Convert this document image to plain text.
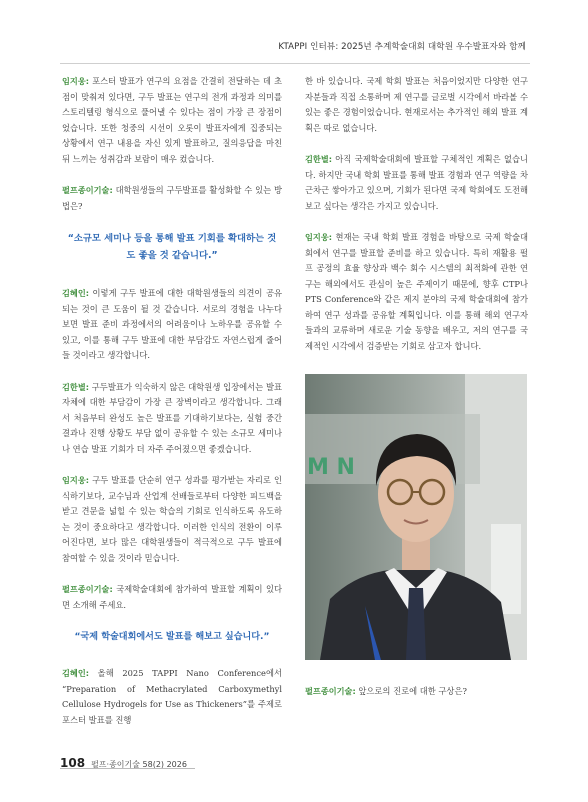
KTAPPI 인터뷰: 2025년 추계학술대회 대학원 우수발표자와 함께

임지웅: 포스터 발표가 연구의 요점을 간결히 전달하는 데 초점이 맞춰져 있다면, 구두 발표는 연구의 전개 과정과 의미를 스토리텔링 형식으로 풀어낼 수 있다는 점이 가장 큰 장점이었습니다. 또한 청중의 시선이 오롯이 발표자에게 집중되는 상황에서 연구 내용을 자신 있게 발표하고, 질의응답을 마친 뒤 느끼는 성취감과 보람이 매우 컸습니다.

펄프종이기술: 대학원생들의 구두발표를 활성화할 수 있는 방법은?

“소규모 세미나 등을 통해 발표 기회를 확대하는 것도 좋을 것 같습니다.”

김혜인: 이렇게 구두 발표에 대한 대학원생들의 의견이 공유되는 것이 큰 도움이 될 것 같습니다. 서로의 경험을 나누다 보면 발표 준비 과정에서의 어려움이나 노하우를 공유할 수 있고, 이를 통해 구두 발표에 대한 부담감도 자연스럽게 줄어들 것이라고 생각합니다.

김한별: 구두발표가 익숙하지 않은 대학원생 입장에서는 발표 자체에 대한 부담감이 가장 큰 장벽이라고 생각합니다. 그래서 처음부터 완성도 높은 발표를 기대하기보다는, 실험 중간 결과나 진행 상황도 부담 없이 공유할 수 있는 소규모 세미나나 연습 발표 기회가 더 자주 주어졌으면 좋겠습니다.

임지웅: 구두 발표를 단순히 연구 성과를 평가받는 자리로 인식하기보다, 교수님과 산업계 선배들로부터 다양한 피드백을 받고 견문을 넓힐 수 있는 학습의 기회로 인식하도록 유도하는 것이 중요하다고 생각합니다. 이러한 인식의 전환이 이루어진다면, 보다 많은 대학원생들이 적극적으로 구두 발표에 참여할 수 있을 것이라 믿습니다.

펄프종이기술: 국제학술대회에 참가하여 발표할 계획이 있다면 소개해 주세요.

“국제 학술대회에서도 발표를 해보고 싶습니다.”

김혜인: 올해 2025 TAPPI Nano Conference에서 “Preparation of Methacrylated Carboxymethyl Cellulose Hydrogels for Use as Thickeners”를 주제로 포스터 발표를 진행

한 바 있습니다. 국제 학회 발표는 처음이었지만 다양한 연구자분들과 직접 소통하며 제 연구를 글로벌 시각에서 바라볼 수 있는 좋은 경험이었습니다. 현재로서는 추가적인 해외 발표 계획은 따로 없습니다.

김한별: 아직 국제학술대회에 발표할 구체적인 계획은 없습니다. 하지만 국내 학회 발표를 통해 발표 경험과 연구 역량을 차근차근 쌓아가고 있으며, 기회가 된다면 국제 학회에도 도전해보고 싶다는 생각은 가지고 있습니다.

임지웅: 현재는 국내 학회 발표 경험을 바탕으로 국제 학술대회에서 연구를 발표할 준비를 하고 있습니다. 특히 재활용 펄프 공정의 효율 향상과 백수 회수 시스템의 최적화에 관한 연구는 해외에서도 관심이 높은 주제이기 때문에, 향후 CTP나 PTS Conference와 같은 제지 분야의 국제 학술대회에 참가하여 연구 성과를 공유할 계획입니다. 이를 통해 해외 연구자들과의 교류하며 새로운 기술 동향을 배우고, 저의 연구를 국제적인 시각에서 검증받는 기회로 삼고자 합니다.

M N

펄프종이기술: 앞으로의 진로에 대한 구상은?

108 펄프·종이기술 58(2) 2026
